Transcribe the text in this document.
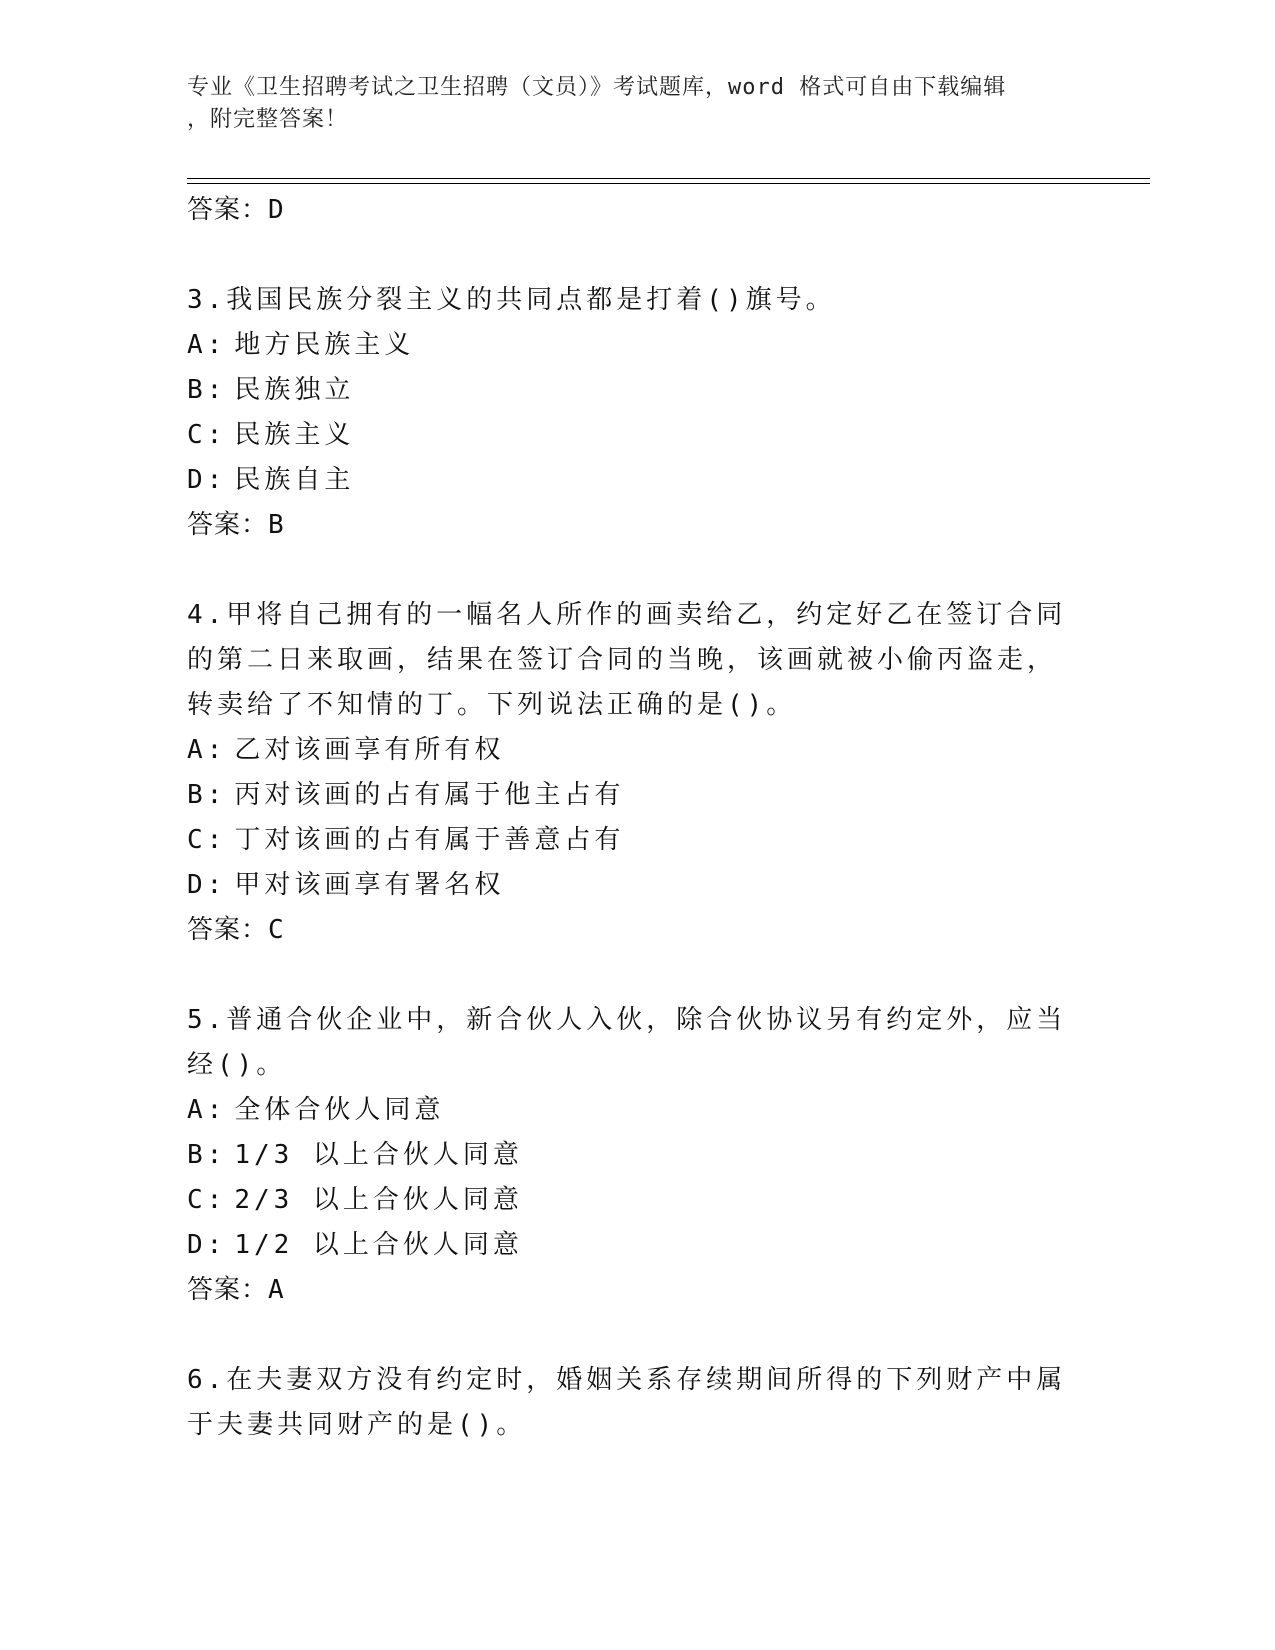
专业《卫生招聘考试之卫生招聘（文员）》考试题库，word 格式可自由下载编辑
，附完整答案！
答案：D
3.我国民族分裂主义的共同点都是打着()旗号。
A: 地方民族主义
B: 民族独立
C: 民族主义
D: 民族自主
答案：B
4.甲将自己拥有的一幅名人所作的画卖给乙，约定好乙在签订合同的第二日来取画，结果在签订合同的当晚，该画就被小偷丙盗走，转卖给了不知情的丁。下列说法正确的是()。
A: 乙对该画享有所有权
B: 丙对该画的占有属于他主占有
C: 丁对该画的占有属于善意占有
D: 甲对该画享有署名权
答案：C
5.普通合伙企业中，新合伙人入伙，除合伙协议另有约定外，应当经()。
A: 全体合伙人同意
B: 1/3 以上合伙人同意
C: 2/3 以上合伙人同意
D: 1/2 以上合伙人同意
答案：A
6.在夫妻双方没有约定时，婚姻关系存续期间所得的下列财产中属于夫妻共同财产的是()。
